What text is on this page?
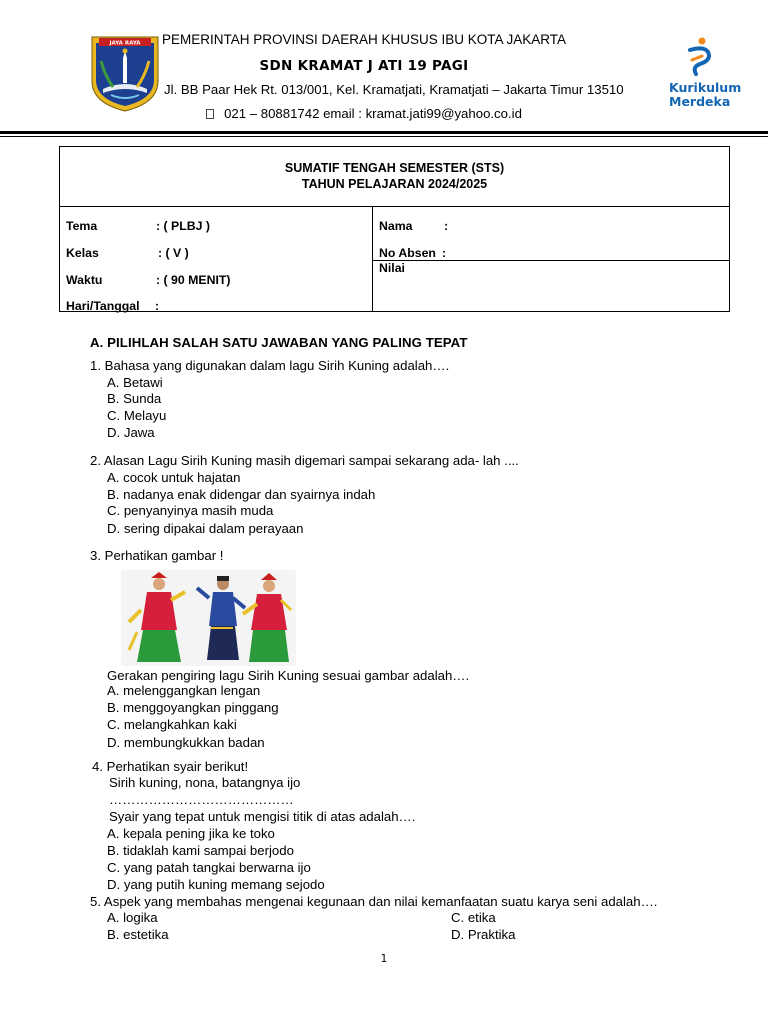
JAYA RAYA	PEMERINTAH PROVINSI DAERAH KHUSUS IBU KOTA JAKARTA
SDN KRAMAT J ATI 19 PAGI
Jl. BB Paar Hek Rt. 013/001, Kel. Kramatjati, Kramatjati – Jakarta Timur 13510
021 – 80881742 email : kramat.jati99@yahoo.co.id
Kurikulum
Merdeka
SUMATIF TENGAH SEMESTER (STS)
TAHUN PELAJARAN 2024/2025
Tema	: ( PLBJ )
Kelas	: ( V )
Waktu	: ( 90 MENIT)
Hari/Tanggal :
Nama	:
No Absen :
Nilai
A. PILIHLAH SALAH SATU JAWABAN YANG PALING TEPAT
1. Bahasa yang digunakan dalam lagu Sirih Kuning adalah….
A. Betawi
B. Sunda
C. Melayu
D. Jawa
2. Alasan Lagu Sirih Kuning masih digemari sampai sekarang ada- lah ....
A. cocok untuk hajatan
B. nadanya enak didengar dan syairnya indah
C. penyanyinya masih muda
D. sering dipakai dalam perayaan
3. Perhatikan gambar !
Gerakan pengiring lagu Sirih Kuning sesuai gambar adalah….
A. melenggangkan lengan
B. menggoyangkan pinggang
C. melangkahkan kaki
D. membungkukkan badan
4. Perhatikan syair berikut!
Sirih kuning, nona, batangnya ijo
……………………………………
Syair yang tepat untuk mengisi titik di atas adalah….
A. kepala pening jika ke toko
B. tidaklah kami sampai berjodo
C. yang patah tangkai berwarna ijo
D. yang putih kuning memang sejodo
5. Aspek yang membahas mengenai kegunaan dan nilai kemanfaatan suatu karya seni adalah….
A. logika
B. estetika
C. etika
D. Praktika
1
